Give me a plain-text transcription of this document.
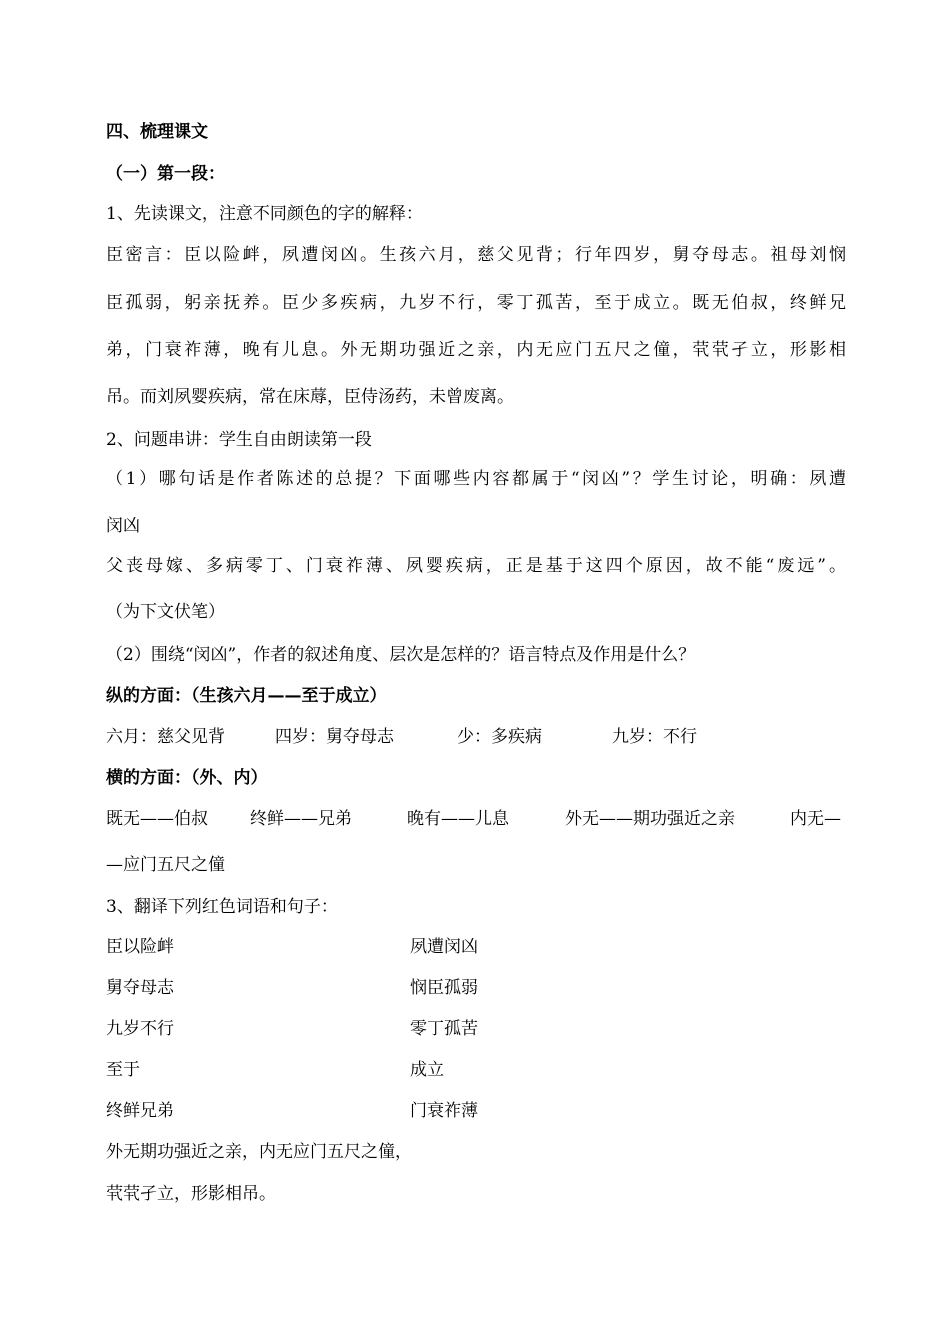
四、梳理课文
（一）第一段：
1、先读课文，注意不同颜色的字的解释：
臣密言：臣以险衅，夙遭闵凶。生孩六月，慈父见背；行年四岁，舅夺母志。祖母刘悯
臣孤弱，躬亲抚养。臣少多疾病，九岁不行，零丁孤苦，至于成立。既无伯叔，终鲜兄
弟，门衰祚薄，晚有儿息。外无期功强近之亲，内无应门五尺之僮，茕茕孑立，形影相
吊。而刘夙婴疾病，常在床蓐，臣侍汤药，未曾废离。
2、问题串讲：学生自由朗读第一段
（1）哪句话是作者陈述的总提？下面哪些内容都属于“闵凶”？学生讨论，明确：夙遭
闵凶
父丧母嫁、多病零丁、门衰祚薄、夙婴疾病，正是基于这四个原因，故不能“废远”。
（为下文伏笔）
（2）围绕“闵凶”，作者的叙述角度、层次是怎样的？语言特点及作用是什么？
纵的方面：（生孩六月——至于成立）
六月：慈父见背	四岁：舅夺母志	少：多疾病	九岁：不行
横的方面：（外、内）
既无——伯叔 终鲜——兄弟	晚有——儿息	外无——期功强近之亲	内无—
—应门五尺之僮
3、翻译下列红色词语和句子：
臣以险衅	夙遭闵凶
舅夺母志	悯臣孤弱
九岁不行	零丁孤苦
至于	成立
终鲜兄弟	门衰祚薄
外无期功强近之亲，内无应门五尺之僮，
茕茕孑立，形影相吊。
